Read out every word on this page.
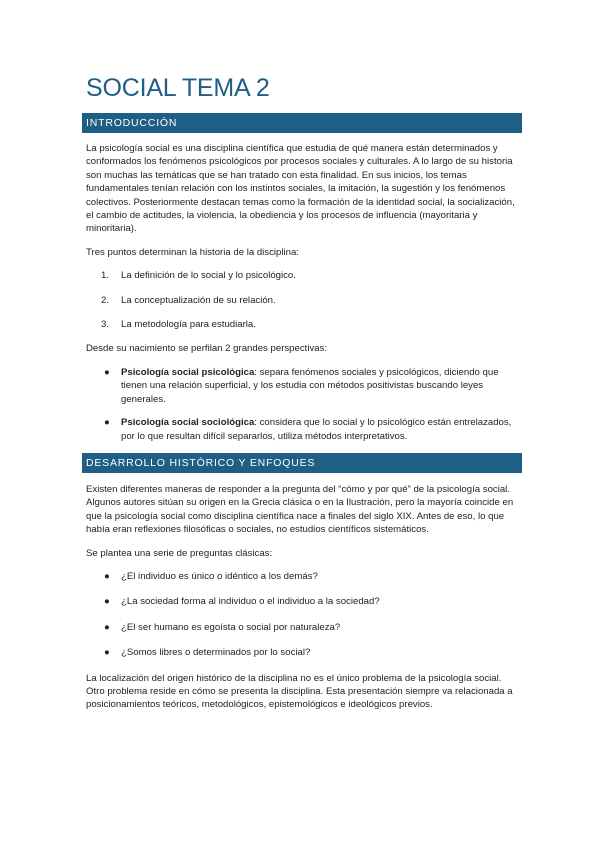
SOCIAL TEMA 2
INTRODUCCIÓN

La psicología social es una disciplina científica que estudia de qué manera están determinados y conformados los fenómenos psicológicos por procesos sociales y culturales. A lo largo de su historia son muchas las temáticas que se han tratado con esta finalidad. En sus inicios, los temas fundamentales tenían relación con los instintos sociales, la imitación, la sugestión y los fenómenos colectivos. Posteriormente destacan temas como la formación de la identidad social, la socialización, el cambio de actitudes, la violencia, la obediencia y los procesos de influencia (mayoritaria y minoritaria).

Tres puntos determinan la historia de la disciplina:

1. La definición de lo social y lo psicológico.
2. La conceptualización de su relación.
3. La metodología para estudiarla.

Desde su nacimiento se perfilan 2 grandes perspectivas:

● Psicología social psicológica: separa fenómenos sociales y psicológicos, diciendo que tienen una relación superficial, y los estudia con métodos positivistas buscando leyes generales.
● Psicología social sociológica: considera que lo social y lo psicológico están entrelazados, por lo que resultan difícil separarlos, utiliza métodos interpretativos.
DESARROLLO HISTÓRICO Y ENFOQUES

Existen diferentes maneras de responder a la pregunta del “cómo y por qué” de la psicología social. Algunos autores sitúan su origen en la Grecia clásica o en la Ilustración, pero la mayoría coincide en que la psicología social como disciplina científica nace a finales del siglo XIX. Antes de eso, lo que había eran reflexiones filosóficas o sociales, no estudios científicos sistemáticos.

Se plantea una serie de preguntas clásicas:

● ¿El individuo es único o idéntico a los demás?
● ¿La sociedad forma al individuo o el individuo a la sociedad?
● ¿El ser humano es egoísta o social por naturaleza?
● ¿Somos libres o determinados por lo social?

La localización del origen histórico de la disciplina no es el único problema de la psicología social. Otro problema reside en cómo se presenta la disciplina. Esta presentación siempre va relacionada a posicionamientos teóricos, metodológicos, epistemológicos e ideológicos previos.
